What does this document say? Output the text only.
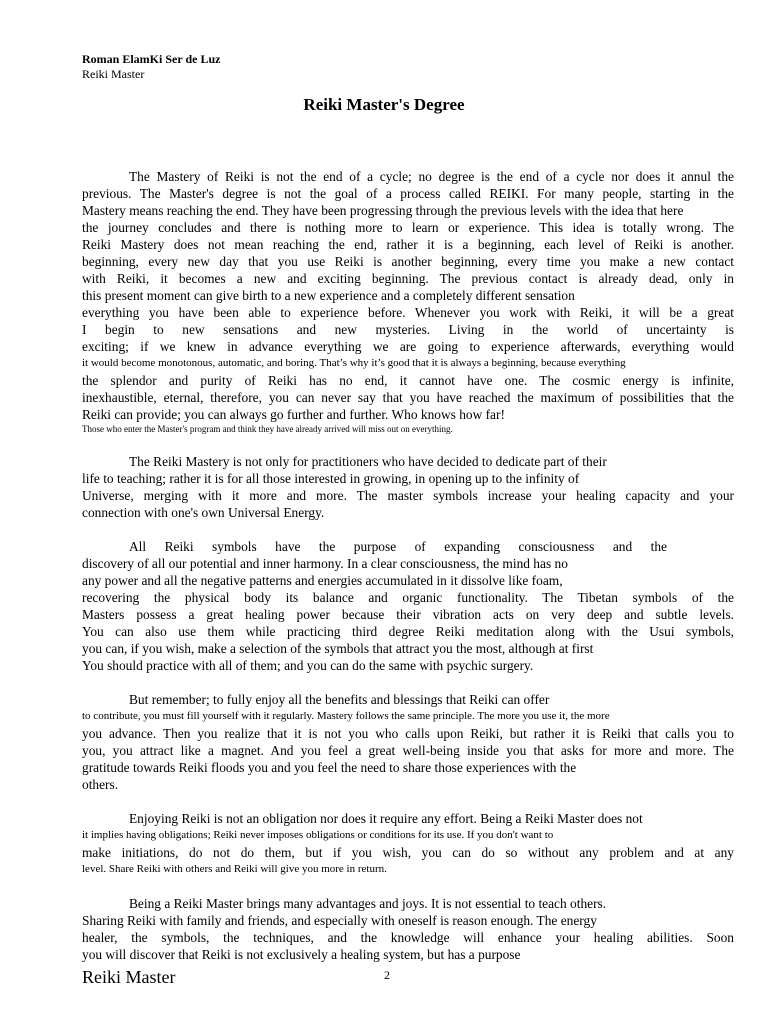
Roman ElamKi Ser de Luz
Reiki Master
Reiki Master's Degree
The Mastery of Reiki is not the end of a cycle; no degree is the end of a cycle nor does it annul the
previous. The Master's degree is not the goal of a process called REIKI. For many people, starting in the
Mastery means reaching the end. They have been progressing through the previous levels with the idea that here
the journey concludes and there is nothing more to learn or experience. This idea is totally wrong. The
Reiki Mastery does not mean reaching the end, rather it is a beginning, each level of Reiki is another.
beginning, every new day that you use Reiki is another beginning, every time you make a new contact
with Reiki, it becomes a new and exciting beginning. The previous contact is already dead, only in
this present moment can give birth to a new experience and a completely different sensation
everything you have been able to experience before. Whenever you work with Reiki, it will be a great
I begin to new sensations and new mysteries. Living in the world of uncertainty is
exciting; if we knew in advance everything we are going to experience afterwards, everything would
it would become monotonous, automatic, and boring. That’s why it’s good that it is always a beginning, because everything
the splendor and purity of Reiki has no end, it cannot have one. The cosmic energy is infinite,
inexhaustible, eternal, therefore, you can never say that you have reached the maximum of possibilities that the
Reiki can provide; you can always go further and further. Who knows how far!
Those who enter the Master's program and think they have already arrived will miss out on everything.
The Reiki Mastery is not only for practitioners who have decided to dedicate part of their
life to teaching; rather it is for all those interested in growing, in opening up to the infinity of
Universe, merging with it more and more. The master symbols increase your healing capacity and your
connection with one's own Universal Energy.
All Reiki symbols have the purpose of expanding consciousness and the
discovery of all our potential and inner harmony. In a clear consciousness, the mind has no
any power and all the negative patterns and energies accumulated in it dissolve like foam,
recovering the physical body its balance and organic functionality. The Tibetan symbols of the
Masters possess a great healing power because their vibration acts on very deep and subtle levels.
You can also use them while practicing third degree Reiki meditation along with the Usui symbols,
you can, if you wish, make a selection of the symbols that attract you the most, although at first
You should practice with all of them; and you can do the same with psychic surgery.
But remember; to fully enjoy all the benefits and blessings that Reiki can offer
to contribute, you must fill yourself with it regularly. Mastery follows the same principle. The more you use it, the more
you advance. Then you realize that it is not you who calls upon Reiki, but rather it is Reiki that calls you to
you, you attract like a magnet. And you feel a great well-being inside you that asks for more and more. The
gratitude towards Reiki floods you and you feel the need to share those experiences with the
others.
Enjoying Reiki is not an obligation nor does it require any effort. Being a Reiki Master does not
it implies having obligations; Reiki never imposes obligations or conditions for its use. If you don't want to
make initiations, do not do them, but if you wish, you can do so without any problem and at any
level. Share Reiki with others and Reiki will give you more in return.
Being a Reiki Master brings many advantages and joys. It is not essential to teach others.
Sharing Reiki with family and friends, and especially with oneself is reason enough. The energy
healer, the symbols, the techniques, and the knowledge will enhance your healing abilities. Soon
you will discover that Reiki is not exclusively a healing system, but has a purpose
Reiki Master	2
